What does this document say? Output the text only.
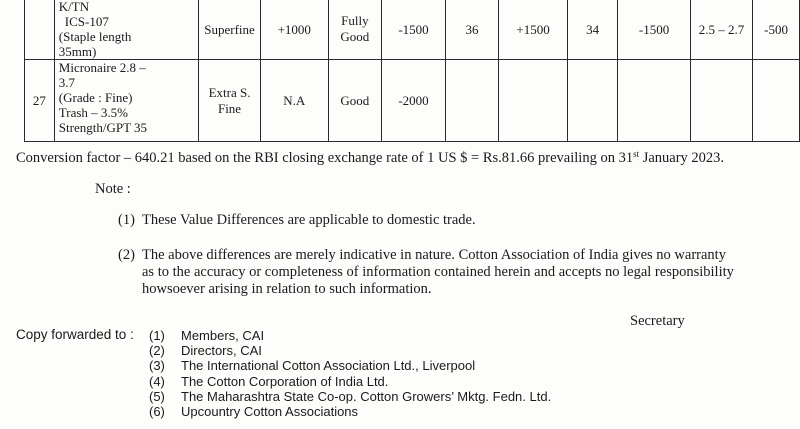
	K/TN
ICS-107
(Staple length
35mm)	Superfine	+1000	Fully Good	-1500	36	+1500	34	-1500	2.5 – 2.7	-500
27	Micronaire 2.8 –
3.7
(Grade : Fine)
Trash – 3.5%
Strength/GPT 35	Extra S. Fine	N.A	Good	-2000						
Conversion factor – 640.21 based on the RBI closing exchange rate of 1 US $ = Rs.81.66 prevailing on 31st January 2023.
Note :
(1) These Value Differences are applicable to domestic trade.
(2) The above differences are merely indicative in nature. Cotton Association of India gives no warranty
as to the accuracy or completeness of information contained herein and accepts no legal responsibility
howsoever arising in relation to such information.
Secretary
Copy forwarded to : (1)	Members, CAI
(2)	Directors, CAI
(3)	The International Cotton Association Ltd., Liverpool
(4)	The Cotton Corporation of India Ltd.
(5)	The Maharashtra State Co-op. Cotton Growers’ Mktg. Fedn. Ltd.
(6)	Upcountry Cotton Associations
